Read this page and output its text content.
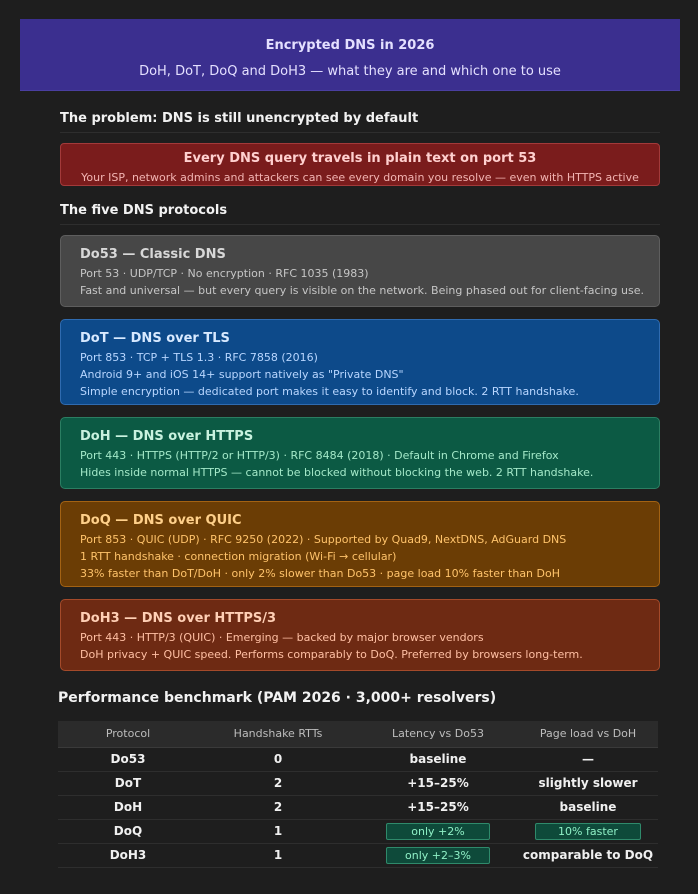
Encrypted DNS in 2026
DoH, DoT, DoQ and DoH3 — what they are and which one to use
The problem: DNS is still unencrypted by default
Every DNS query travels in plain text on port 53
Your ISP, network admins and attackers can see every domain you resolve — even with HTTPS active
The five DNS protocols
Do53 — Classic DNS
Port 53 · UDP/TCP · No encryption · RFC 1035 (1983)
Fast and universal — but every query is visible on the network. Being phased out for client-facing use.
DoT — DNS over TLS
Port 853 · TCP + TLS 1.3 · RFC 7858 (2016)
Android 9+ and iOS 14+ support natively as "Private DNS"
Simple encryption — dedicated port makes it easy to identify and block. 2 RTT handshake.
DoH — DNS over HTTPS
Port 443 · HTTPS (HTTP/2 or HTTP/3) · RFC 8484 (2018) · Default in Chrome and Firefox
Hides inside normal HTTPS — cannot be blocked without blocking the web. 2 RTT handshake.
DoQ — DNS over QUIC
Port 853 · QUIC (UDP) · RFC 9250 (2022) · Supported by Quad9, NextDNS, AdGuard DNS
1 RTT handshake · connection migration (Wi-Fi → cellular)
33% faster than DoT/DoH · only 2% slower than Do53 · page load 10% faster than DoH
DoH3 — DNS over HTTPS/3
Port 443 · HTTP/3 (QUIC) · Emerging — backed by major browser vendors
DoH privacy + QUIC speed. Performs comparably to DoQ. Preferred by browsers long-term.
Performance benchmark (PAM 2026 · 3,000+ resolvers)
Protocol	Handshake RTTs	Latency vs Do53	Page load vs DoH
Do53	0	baseline	—
DoT	2	+15–25%	slightly slower
DoH	2	+15–25%	baseline
DoQ	1	only +2%	10% faster
DoH3	1	only +2–3%	comparable to DoQ
